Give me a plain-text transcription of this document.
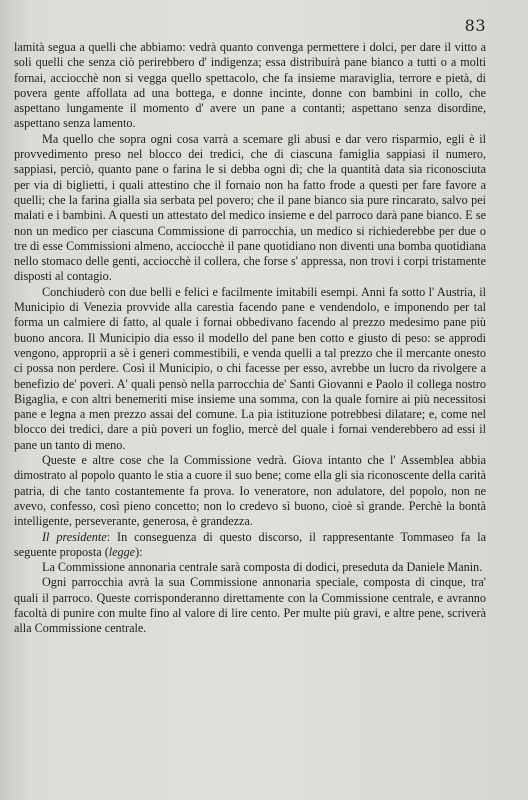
83

lamità segua a quelli che abbiamo: vedrà quanto convenga permettere i dolci, per dare il vitto a soli quelli che senza ciò perirebbero d' indigenza; essa distribuirà pane bianco a tutti o a molti fornai, acciocchè non si vegga quello spettacolo, che fa insieme maraviglia, terrore e pietà, di povera gente affollata ad una bottega, e donne incinte, donne con bambini in collo, che aspettano lungamente il momento d' avere un pane a contanti; aspettano senza disordine, aspettano senza lamento.

Ma quello che sopra ogni cosa varrà a scemare gli abusi e dar vero risparmio, egli è il provvedimento preso nel blocco dei tredici, che di ciascuna famiglia sappiasi il numero, sappiasi, perciò, quanto pane o farina le si debba ogni dì; che la quantità data sia riconosciuta per via di biglietti, i quali attestino che il fornaio non ha fatto frode a questi per fare favore a quelli; che la farina gialla sia serbata pel povero; che il pane bianco sia pure rincarato, salvo pei malati e i bambini. A questi un attestato del medico insieme e del parroco darà pane bianco. E se non un medico per ciascuna Commissione di parrocchia, un medico si richiederebbe per due o tre di esse Commissioni almeno, acciocchè il pane quotidiano non diventi una bomba quotidiana nello stomaco delle genti, acciocchè il collera, che forse s' appressa, non trovi i corpi tristamente disposti al contagio.

Conchiuderò con due belli e felici e facilmente imitabili esempi. Anni fa sotto l' Austria, il Municipio di Venezia provvide alla carestia facendo pane e vendendolo, e imponendo per tal forma un calmiere di fatto, al quale i fornai obbedivano facendo al prezzo medesimo pane più buono ancora. Il Municipio dia esso il modello del pane ben cotto e giusto di peso: se approdi vengono, approprii a sè i generi commestibili, e venda quelli a tal prezzo che il mercante onesto ci possa non perdere. Così il Municipio, o chi facesse per esso, avrebbe un lucro da rivolgere a benefizio de' poveri. A' quali pensò nella parrocchia de' Santi Giovanni e Paolo il collega nostro Bigaglia, e con altri benemeriti mise insieme una somma, con la quale fornire ai più necessitosi pane e legna a men prezzo assai del comune. La pia istituzione potrebbesi dilatare; e, come nel blocco dei tredici, dare a più poveri un foglio, mercè del quale i fornai venderebbero ad essi il pane un tanto di meno.

Queste e altre cose che la Commissione vedrà. Giova intanto che l' Assemblea abbia dimostrato al popolo quanto le stia a cuore il suo bene; come ella gli sia riconoscente della carità patria, di che tanto costantemente fa prova. Io veneratore, non adulatore, del popolo, non ne avevo, confesso, così pieno concetto; non lo credevo sì buono, cioè sì grande. Perchè la bontà intelligente, perseverante, generosa, è grandezza.

Il presidente: In conseguenza di questo discorso, il rappresentante Tommaseo fa la seguente proposta (legge):

La Commissione annonaria centrale sarà composta di dodici, preseduta da Daniele Manin.

Ogni parrocchia avrà la sua Commissione annonaria speciale, composta di cinque, tra' quali il parroco. Queste corrisponderanno direttamente con la Commissione centrale, e avranno facoltà di punire con multe fino al valore di lire cento. Per multe più gravi, e altre pene, scriverà alla Commissione centrale.
